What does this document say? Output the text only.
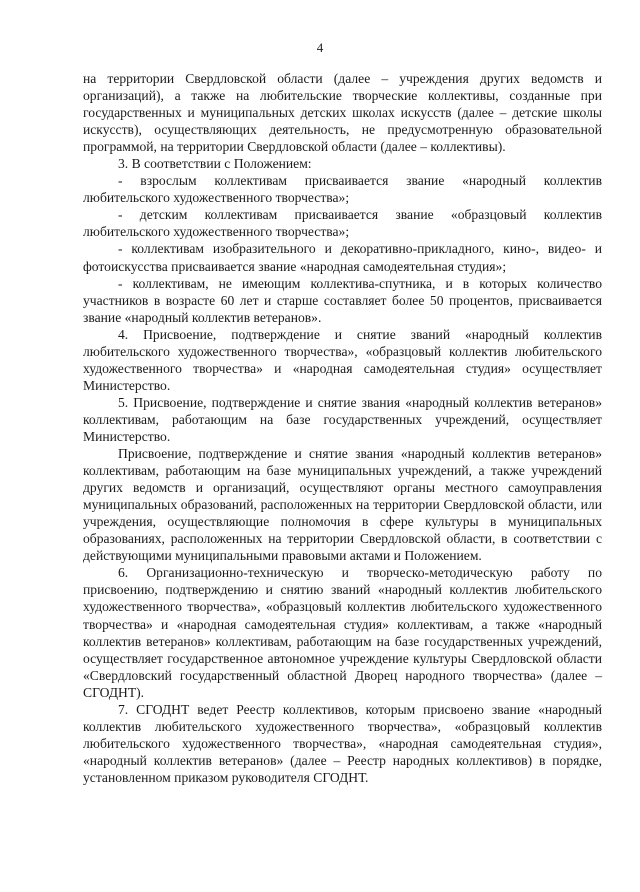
4

на территории Свердловской области (далее – учреждения других ведомств и организаций), а также на любительские творческие коллективы, созданные при государственных и муниципальных детских школах искусств (далее – детские школы искусств), осуществляющих деятельность, не предусмотренную образовательной программой, на территории Свердловской области (далее – коллективы).

3. В соответствии с Положением:

- взрослым коллективам присваивается звание «народный коллектив любительского художественного творчества»;

- детским коллективам присваивается звание «образцовый коллектив любительского художественного творчества»;

- коллективам изобразительного и декоративно-прикладного, кино-, видео- и фотоискусства присваивается звание «народная самодеятельная студия»;

- коллективам, не имеющим коллектива-спутника, и в которых количество участников в возрасте 60 лет и старше составляет более 50 процентов, присваивается звание «народный коллектив ветеранов».

4. Присвоение, подтверждение и снятие званий «народный коллектив любительского художественного творчества», «образцовый коллектив любительского художественного творчества» и «народная самодеятельная студия» осуществляет Министерство.

5. Присвоение, подтверждение и снятие звания «народный коллектив ветеранов» коллективам, работающим на базе государственных учреждений, осуществляет Министерство.

Присвоение, подтверждение и снятие звания «народный коллектив ветеранов» коллективам, работающим на базе муниципальных учреждений, а также учреждений других ведомств и организаций, осуществляют органы местного самоуправления муниципальных образований, расположенных на территории Свердловской области, или учреждения, осуществляющие полномочия в сфере культуры в муниципальных образованиях, расположенных на территории Свердловской области, в соответствии с действующими муниципальными правовыми актами и Положением.

6. Организационно-техническую и творческо-методическую работу по присвоению, подтверждению и снятию званий «народный коллектив любительского художественного творчества», «образцовый коллектив любительского художественного творчества» и «народная самодеятельная студия» коллективам, а также «народный коллектив ветеранов» коллективам, работающим на базе государственных учреждений, осуществляет государственное автономное учреждение культуры Свердловской области «Свердловский государственный областной Дворец народного творчества» (далее – СГОДНТ).

7. СГОДНТ ведет Реестр коллективов, которым присвоено звание «народный коллектив любительского художественного творчества», «образцовый коллектив любительского художественного творчества», «народная самодеятельная студия», «народный коллектив ветеранов» (далее – Реестр народных коллективов) в порядке, установленном приказом руководителя СГОДНТ.
